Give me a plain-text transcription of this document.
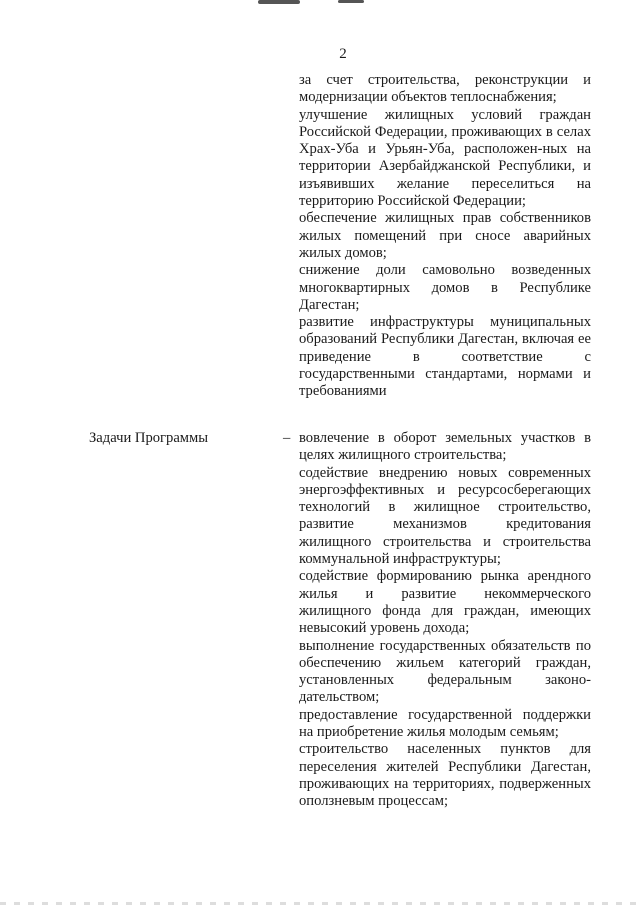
2

за счет строительства, реконструкции и модернизации объектов теплоснабжения;

улучшение жилищных условий граждан Российской Федерации, проживающих в селах Храх-Уба и Урьян-Уба, расположен-ных на территории Азербайджанской Республики, и изъявивших желание переселиться на территорию Российской Федерации;

обеспечение жилищных прав собственников жилых помещений при сносе аварийных жилых домов;

снижение доли самовольно возведенных многоквартирных домов в Республике Дагестан;

развитие инфраструктуры муниципальных образований Республики Дагестан, включая ее приведение в соответствие с государственными стандартами, нормами и требованиями

Задачи Программы	– вовлечение в оборот земельных участков в целях жилищного строительства;

содействие внедрению новых современных энергоэффективных и ресурсосберегающих технологий в жилищное строительство, развитие механизмов кредитования жилищного строительства и строительства коммунальной инфраструктуры;

содействие формированию рынка арендного жилья и развитие некоммерческого жилищного фонда для граждан, имеющих невысокий уровень дохода;

выполнение государственных обязательств по обеспечению жильем категорий граждан, установленных федеральным законо-дательством;

предоставление государственной поддержки на приобретение жилья молодым семьям;

строительство населенных пунктов для переселения жителей Республики Дагестан, проживающих на территориях, подверженных оползневым процессам;
